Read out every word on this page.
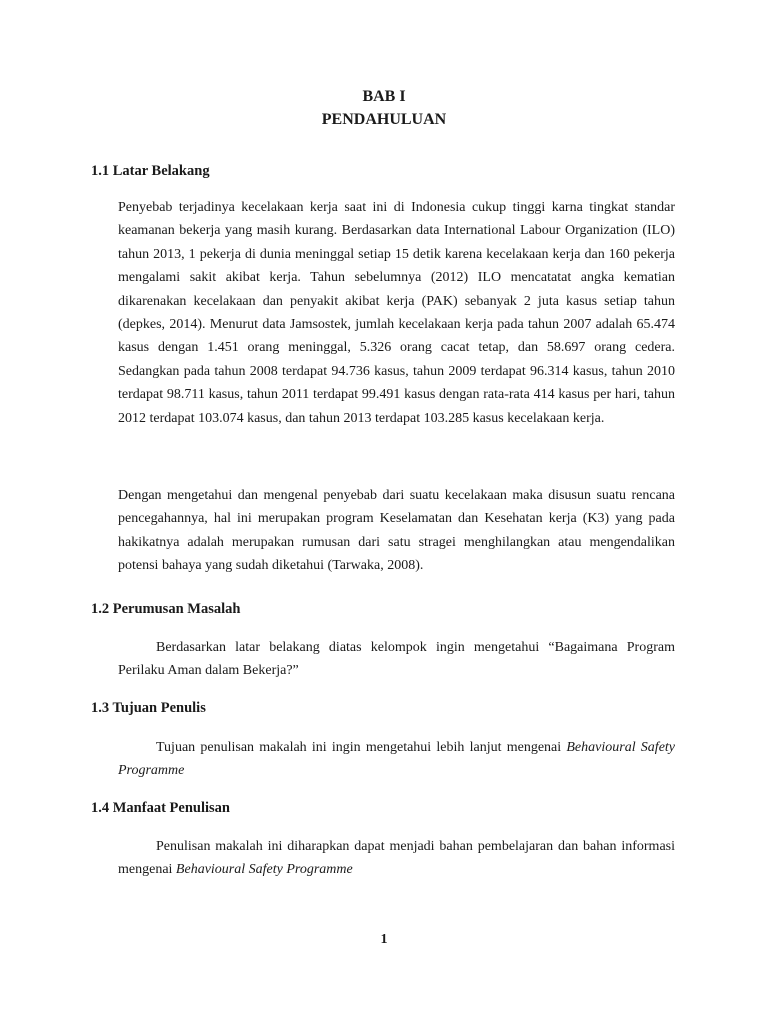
BAB I
PENDAHULUAN
1.1 Latar Belakang

Penyebab terjadinya kecelakaan kerja saat ini di Indonesia cukup tinggi karna tingkat standar keamanan bekerja yang masih kurang. Berdasarkan data International Labour Organization (ILO) tahun 2013, 1 pekerja di dunia meninggal setiap 15 detik karena kecelakaan kerja dan 160 pekerja mengalami sakit akibat kerja. Tahun sebelumnya (2012) ILO mencatatat angka kematian dikarenakan kecelakaan dan penyakit akibat kerja (PAK) sebanyak 2 juta kasus setiap tahun (depkes, 2014). Menurut data Jamsostek, jumlah kecelakaan kerja pada tahun 2007 adalah 65.474 kasus dengan 1.451 orang meninggal, 5.326 orang cacat tetap, dan 58.697 orang cedera. Sedangkan pada tahun 2008 terdapat 94.736 kasus, tahun 2009 terdapat 96.314 kasus, tahun 2010 terdapat 98.711 kasus, tahun 2011 terdapat 99.491 kasus dengan rata-rata 414 kasus per hari, tahun 2012 terdapat 103.074 kasus, dan tahun 2013 terdapat 103.285 kasus kecelakaan kerja.

Dengan mengetahui dan mengenal penyebab dari suatu kecelakaan maka disusun suatu rencana pencegahannya, hal ini merupakan program Keselamatan dan Kesehatan kerja (K3) yang pada hakikatnya adalah merupakan rumusan dari satu stragei menghilangkan atau mengendalikan potensi bahaya yang sudah diketahui (Tarwaka, 2008).

1.2 Perumusan Masalah

Berdasarkan latar belakang diatas kelompok ingin mengetahui “Bagaimana Program Perilaku Aman dalam Bekerja?”

1.3 Tujuan Penulis

Tujuan penulisan makalah ini ingin mengetahui lebih lanjut mengenai Behavioural Safety Programme

1.4 Manfaat Penulisan

Penulisan makalah ini diharapkan dapat menjadi bahan pembelajaran dan bahan informasi mengenai Behavioural Safety Programme

1
